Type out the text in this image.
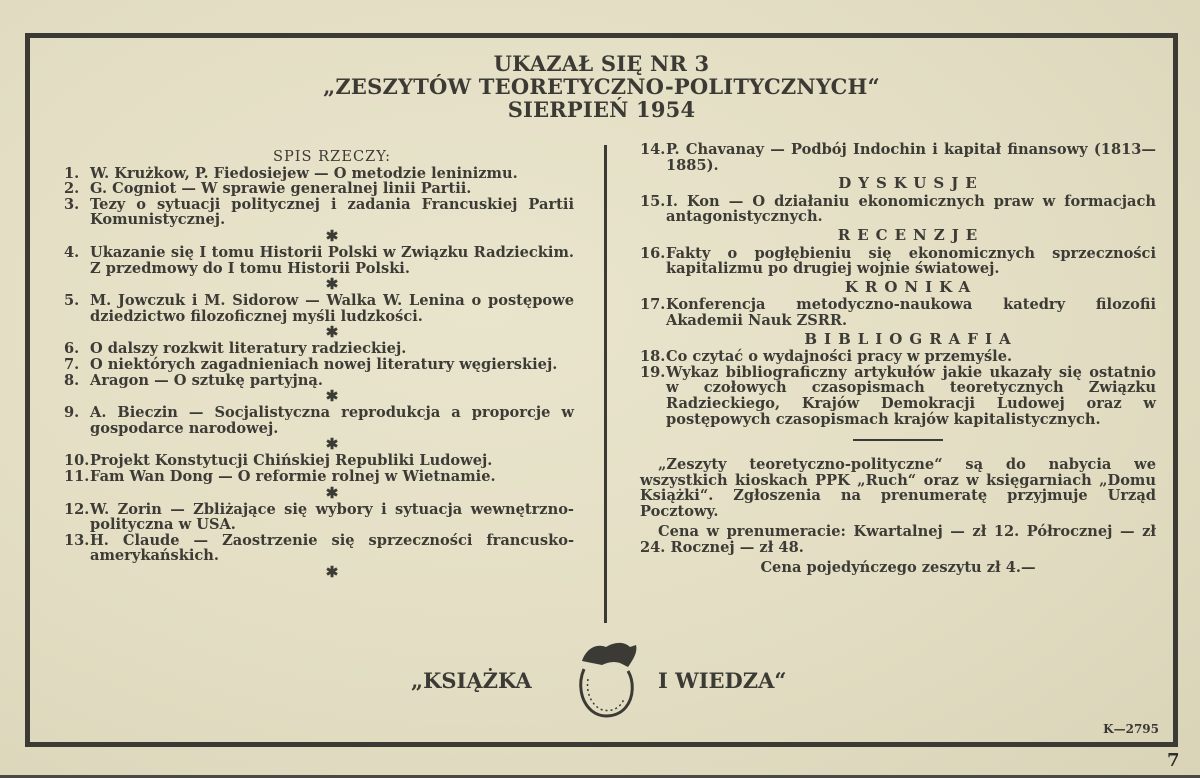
UKAZAŁ SIĘ NR 3
„ZESZYTÓW TEORETYCZNO-POLITYCZNYCH“
SIERPIEŃ 1954
SPIS RZECZY:
1. W. Krużkow, P. Fiedosiejew — O metodzie leninizmu.
2. G. Cogniot — W sprawie generalnej linii Partii.
3. Tezy o sytuacji politycznej i zadania Francuskiej Partii Komunistycznej.
✱
4. Ukazanie się I tomu Historii Polski w Związku Radzieckim. Z przedmowy do I tomu Historii Polski.
✱
5. M. Jowczuk i M. Sidorow — Walka W. Lenina o postępowe dziedzictwo filozoficznej myśli ludzkości.
✱
6. O dalszy rozkwit literatury radzieckiej.
7. O niektórych zagadnieniach nowej literatury węgierskiej.
8. Aragon — O sztukę partyjną.
✱
9. A. Bieczin — Socjalistyczna reprodukcja a proporcje w gospodarce narodowej.
✱
10. Projekt Konstytucji Chińskiej Republiki Ludowej.
11. Fam Wan Dong — O reformie rolnej w Wietnamie.
✱
12. W. Zorin — Zbliżające się wybory i sytuacja wewnętrzno-polityczna w USA.
13. H. Claude — Zaostrzenie się sprzeczności francusko-amerykańskich.
✱
14. P. Chavanay — Podbój Indochin i kapitał finansowy (1813—1885).
DYSKUSJE
15. I. Kon — O działaniu ekonomicznych praw w formacjach antagonistycznych.
RECENZJE
16. Fakty o pogłębieniu się ekonomicznych sprzeczności kapitalizmu po drugiej wojnie światowej.
KRONIKA
17. Konferencja metodyczno-naukowa katedry filozofii Akademii Nauk ZSRR.
BIBLIOGRAFIA
18. Co czytać o wydajności pracy w przemyśle.
19. Wykaz bibliograficzny artykułów jakie ukazały się ostatnio w czołowych czasopismach teoretycznych Związku Radzieckiego, Krajów Demokracji Ludowej oraz w postępowych czasopismach krajów kapitalistycznych.
„Zeszyty teoretyczno-polityczne“ są do nabycia we wszystkich kioskach PPK „Ruch“ oraz w księgarniach „Domu Książki“. Zgłoszenia na prenumeratę przyjmuje Urząd Pocztowy.
Cena w prenumeracie: Kwartalnej — zł 12. Półrocznej — zł 24. Rocznej — zł 48.
Cena pojedyńczego zeszytu zł 4.—
„KSIĄŻKA	I WIEDZA“
K—2795
7
